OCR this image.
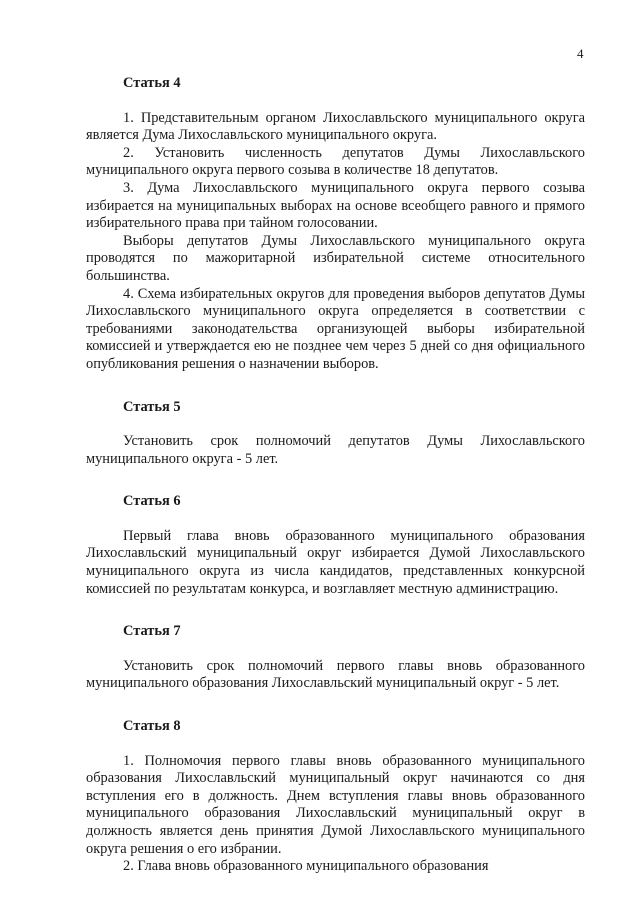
4
Статья 4

1. Представительным органом Лихославльского муниципального округа является Дума Лихославльского муниципального округа.

2. Установить численность депутатов Думы Лихославльского муниципального округа первого созыва в количестве 18 депутатов.

3. Дума Лихославльского муниципального округа первого созыва избирается на муниципальных выборах на основе всеобщего равного и прямого избирательного права при тайном голосовании.

Выборы депутатов Думы Лихославльского муниципального округа проводятся по мажоритарной избирательной системе относительного большинства.

4. Схема избирательных округов для проведения выборов депутатов Думы Лихославльского муниципального округа определяется в соответствии с требованиями законодательства организующей выборы избирательной комиссией и утверждается ею не позднее чем через 5 дней со дня официального опубликования решения о назначении выборов.

Статья 5

Установить срок полномочий депутатов Думы Лихославльского муниципального округа - 5 лет.

Статья 6

Первый глава вновь образованного муниципального образования Лихославльский муниципальный округ избирается Думой Лихославльского муниципального округа из числа кандидатов, представленных конкурсной комиссией по результатам конкурса, и возглавляет местную администрацию.

Статья 7

Установить срок полномочий первого главы вновь образованного муниципального образования Лихославльский муниципальный округ - 5 лет.

Статья 8

1. Полномочия первого главы вновь образованного муниципального образования Лихославльский муниципальный округ начинаются со дня вступления его в должность. Днем вступления главы вновь образованного муниципального образования Лихославльский муниципальный округ в должность является день принятия Думой Лихославльского муниципального округа решения о его избрании.

2. Глава вновь образованного муниципального образования
